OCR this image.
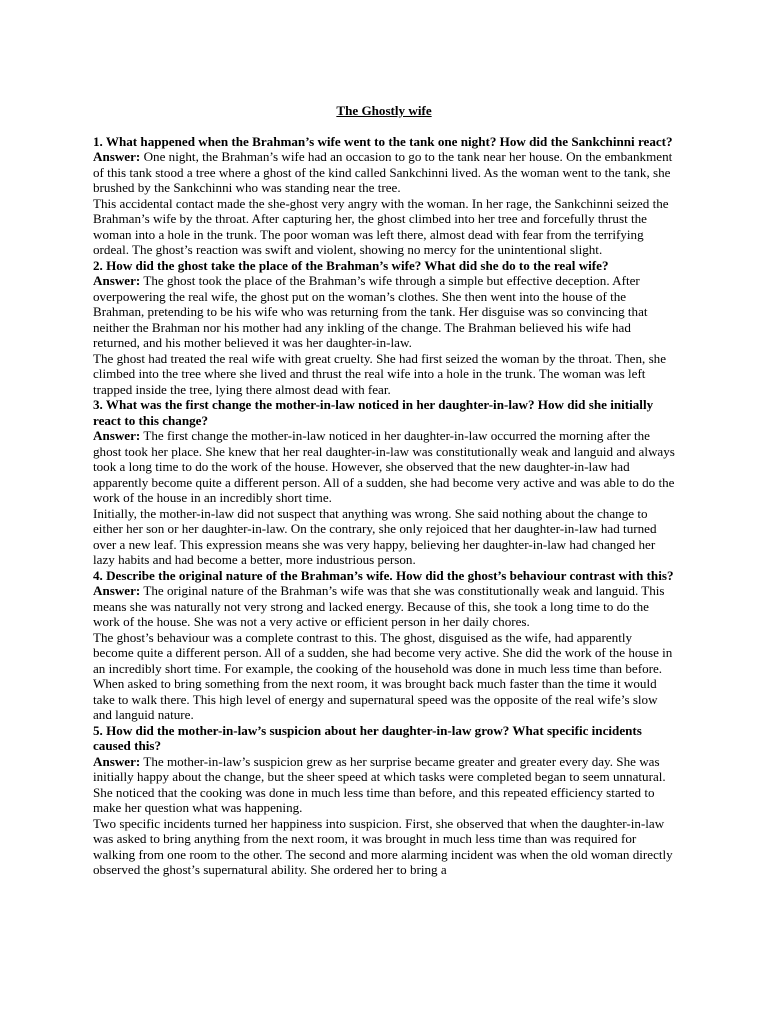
The Ghostly wife

1. What happened when the Brahman’s wife went to the tank one night? How did the Sankchinni react?

Answer: One night, the Brahman’s wife had an occasion to go to the tank near her house. On the embankment of this tank stood a tree where a ghost of the kind called Sankchinni lived. As the woman went to the tank, she brushed by the Sankchinni who was standing near the tree.

This accidental contact made the she-ghost very angry with the woman. In her rage, the Sankchinni seized the Brahman’s wife by the throat. After capturing her, the ghost climbed into her tree and forcefully thrust the woman into a hole in the trunk. The poor woman was left there, almost dead with fear from the terrifying ordeal. The ghost’s reaction was swift and violent, showing no mercy for the unintentional slight.

2. How did the ghost take the place of the Brahman’s wife? What did she do to the real wife?

Answer: The ghost took the place of the Brahman’s wife through a simple but effective deception. After overpowering the real wife, the ghost put on the woman’s clothes. She then went into the house of the Brahman, pretending to be his wife who was returning from the tank. Her disguise was so convincing that neither the Brahman nor his mother had any inkling of the change. The Brahman believed his wife had returned, and his mother believed it was her daughter-in-law.

The ghost had treated the real wife with great cruelty. She had first seized the woman by the throat. Then, she climbed into the tree where she lived and thrust the real wife into a hole in the trunk. The woman was left trapped inside the tree, lying there almost dead with fear.

3. What was the first change the mother-in-law noticed in her daughter-in-law? How did she initially react to this change?

Answer: The first change the mother-in-law noticed in her daughter-in-law occurred the morning after the ghost took her place. She knew that her real daughter-in-law was constitutionally weak and languid and always took a long time to do the work of the house. However, she observed that the new daughter-in-law had apparently become quite a different person. All of a sudden, she had become very active and was able to do the work of the house in an incredibly short time.

Initially, the mother-in-law did not suspect that anything was wrong. She said nothing about the change to either her son or her daughter-in-law. On the contrary, she only rejoiced that her daughter-in-law had turned over a new leaf. This expression means she was very happy, believing her daughter-in-law had changed her lazy habits and had become a better, more industrious person.

4. Describe the original nature of the Brahman’s wife. How did the ghost’s behaviour contrast with this?

Answer: The original nature of the Brahman’s wife was that she was constitutionally weak and languid. This means she was naturally not very strong and lacked energy. Because of this, she took a long time to do the work of the house. She was not a very active or efficient person in her daily chores.

The ghost’s behaviour was a complete contrast to this. The ghost, disguised as the wife, had apparently become quite a different person. All of a sudden, she had become very active. She did the work of the house in an incredibly short time. For example, the cooking of the household was done in much less time than before. When asked to bring something from the next room, it was brought back much faster than the time it would take to walk there. This high level of energy and supernatural speed was the opposite of the real wife’s slow and languid nature.

5. How did the mother-in-law’s suspicion about her daughter-in-law grow? What specific incidents caused this?

Answer: The mother-in-law’s suspicion grew as her surprise became greater and greater every day. She was initially happy about the change, but the sheer speed at which tasks were completed began to seem unnatural. She noticed that the cooking was done in much less time than before, and this repeated efficiency started to make her question what was happening.

Two specific incidents turned her happiness into suspicion. First, she observed that when the daughter-in-law was asked to bring anything from the next room, it was brought in much less time than was required for walking from one room to the other. The second and more alarming incident was when the old woman directly observed the ghost’s supernatural ability. She ordered her to bring a
